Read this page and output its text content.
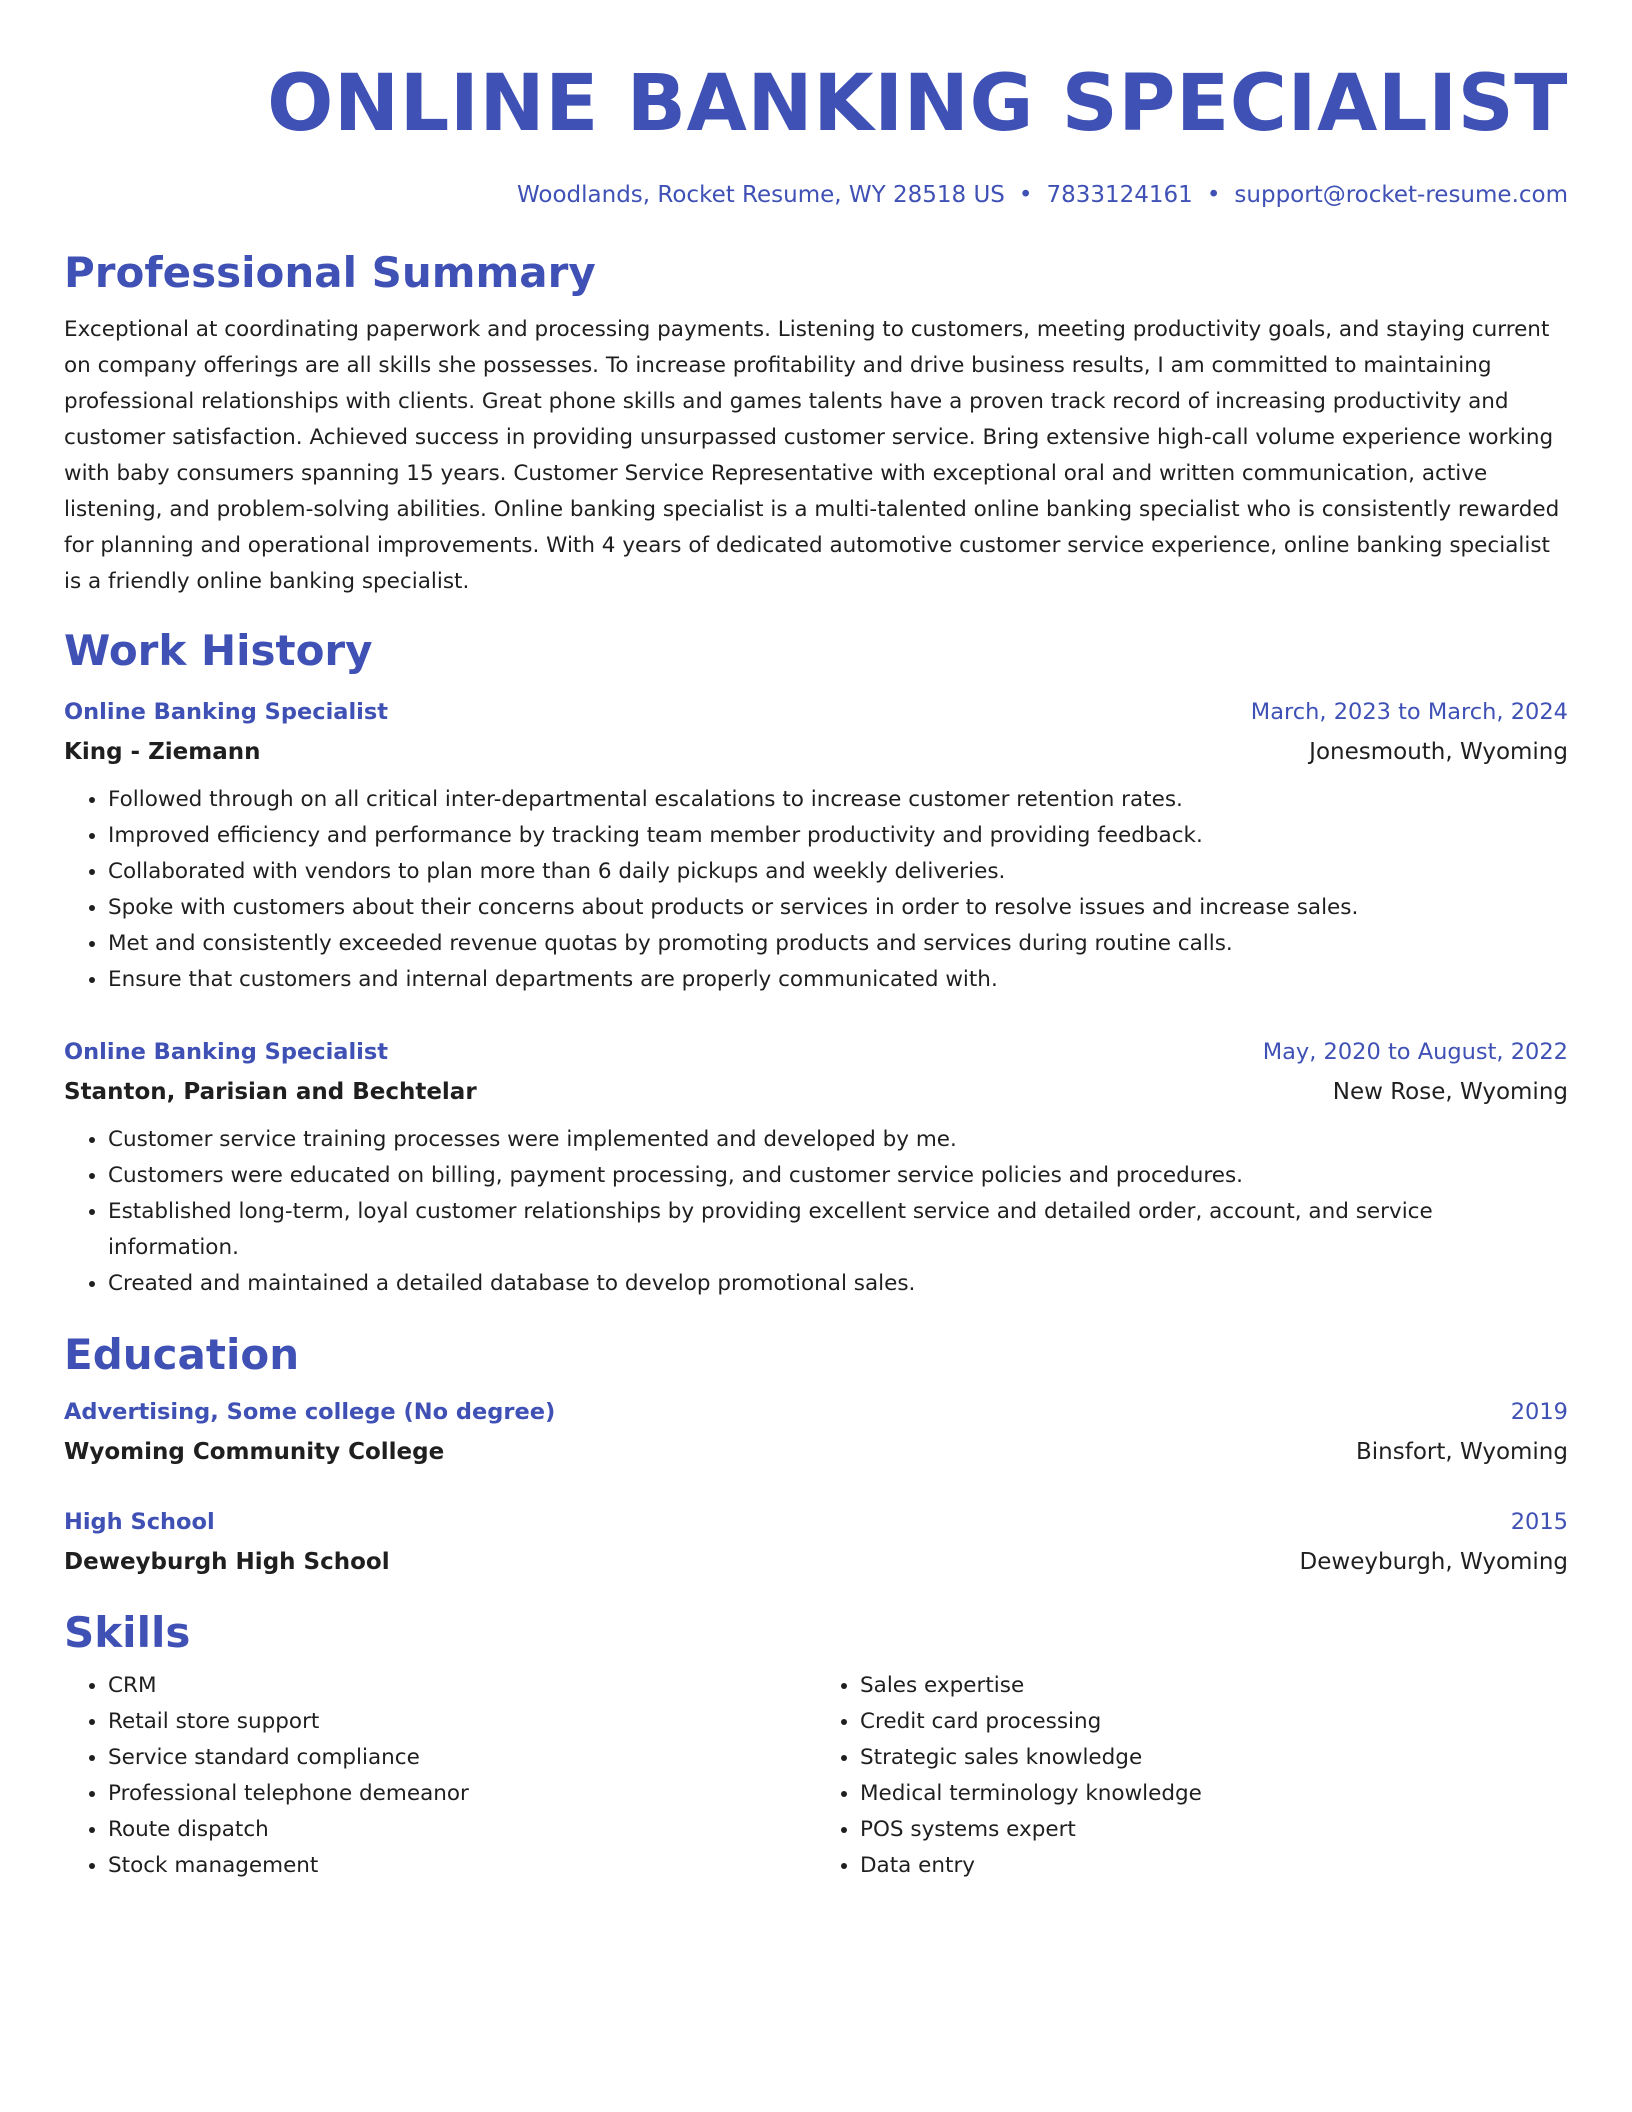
ONLINE BANKING SPECIALIST
Woodlands, Rocket Resume, WY 28518 US • 7833124161 • support@rocket-resume.com
Professional Summary
Exceptional at coordinating paperwork and processing payments. Listening to customers, meeting productivity goals, and staying current on company offerings are all skills she possesses. To increase profitability and drive business results, I am committed to maintaining professional relationships with clients. Great phone skills and games talents have a proven track record of increasing productivity and customer satisfaction. Achieved success in providing unsurpassed customer service. Bring extensive high-call volume experience working with baby consumers spanning 15 years. Customer Service Representative with exceptional oral and written communication, active listening, and problem-solving abilities. Online banking specialist is a multi-talented online banking specialist who is consistently rewarded for planning and operational improvements. With 4 years of dedicated automotive customer service experience, online banking specialist is a friendly online banking specialist.
Work History
Online Banking Specialist	March, 2023 to March, 2024
King - Ziemann	Jonesmouth, Wyoming
• Followed through on all critical inter-departmental escalations to increase customer retention rates.
• Improved efficiency and performance by tracking team member productivity and providing feedback.
• Collaborated with vendors to plan more than 6 daily pickups and weekly deliveries.
• Spoke with customers about their concerns about products or services in order to resolve issues and increase sales.
• Met and consistently exceeded revenue quotas by promoting products and services during routine calls.
• Ensure that customers and internal departments are properly communicated with.
Online Banking Specialist	May, 2020 to August, 2022
Stanton, Parisian and Bechtelar	New Rose, Wyoming
• Customer service training processes were implemented and developed by me.
• Customers were educated on billing, payment processing, and customer service policies and procedures.
• Established long-term, loyal customer relationships by providing excellent service and detailed order, account, and service information.
• Created and maintained a detailed database to develop promotional sales.
Education
Advertising, Some college (No degree)	2019
Wyoming Community College	Binsfort, Wyoming
High School	2015
Deweyburgh High School	Deweyburgh, Wyoming
Skills
• CRM
• Retail store support
• Service standard compliance
• Professional telephone demeanor
• Route dispatch
• Stock management
• Sales expertise
• Credit card processing
• Strategic sales knowledge
• Medical terminology knowledge
• POS systems expert
• Data entry
